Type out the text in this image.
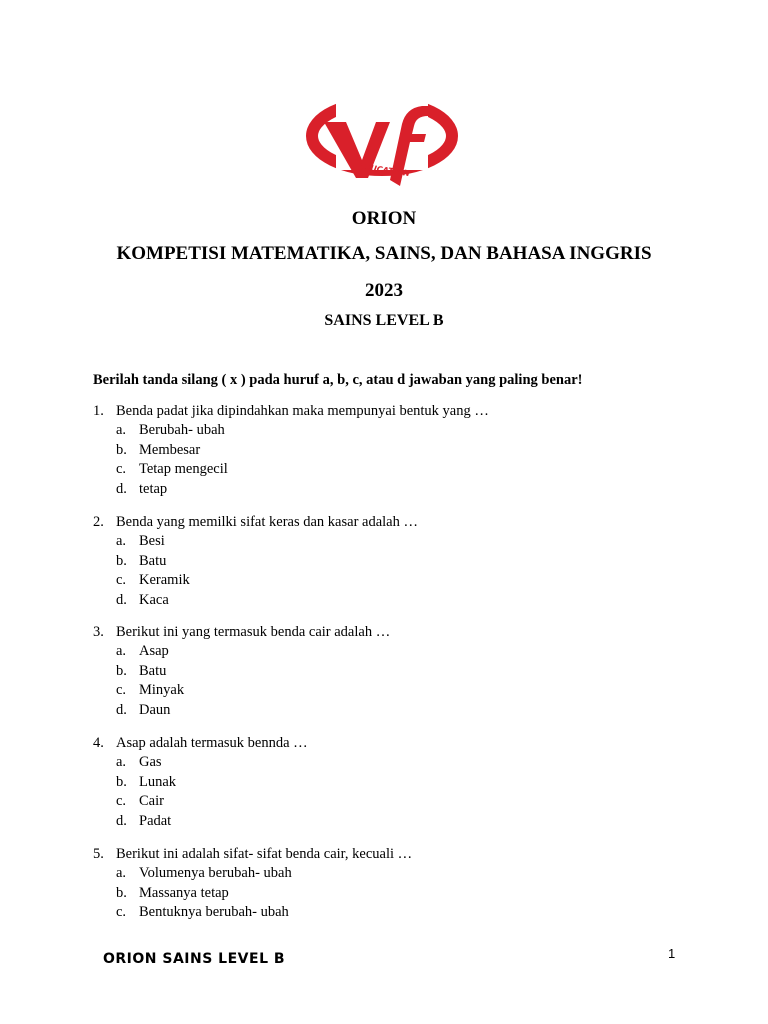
EDUCATION
ORION
KOMPETISI MATEMATIKA, SAINS, DAN BAHASA INGGRIS
2023
SAINS LEVEL B
Berilah tanda silang ( x ) pada huruf a, b, c, atau d jawaban yang paling benar!
1. Benda padat jika dipindahkan maka mempunyai bentuk yang …
a. Berubah- ubah
b. Membesar
c. Tetap mengecil
d. tetap
2. Benda yang memilki sifat keras dan kasar adalah …
a. Besi
b. Batu
c. Keramik
d. Kaca
3. Berikut ini yang termasuk benda cair adalah …
a. Asap
b. Batu
c. Minyak
d. Daun
4. Asap adalah termasuk bennda …
a. Gas
b. Lunak
c. Cair
d. Padat
5. Berikut ini adalah sifat- sifat benda cair, kecuali …
a. Volumenya berubah- ubah
b. Massanya tetap
c. Bentuknya berubah- ubah
ORION SAINS LEVEL B	1
